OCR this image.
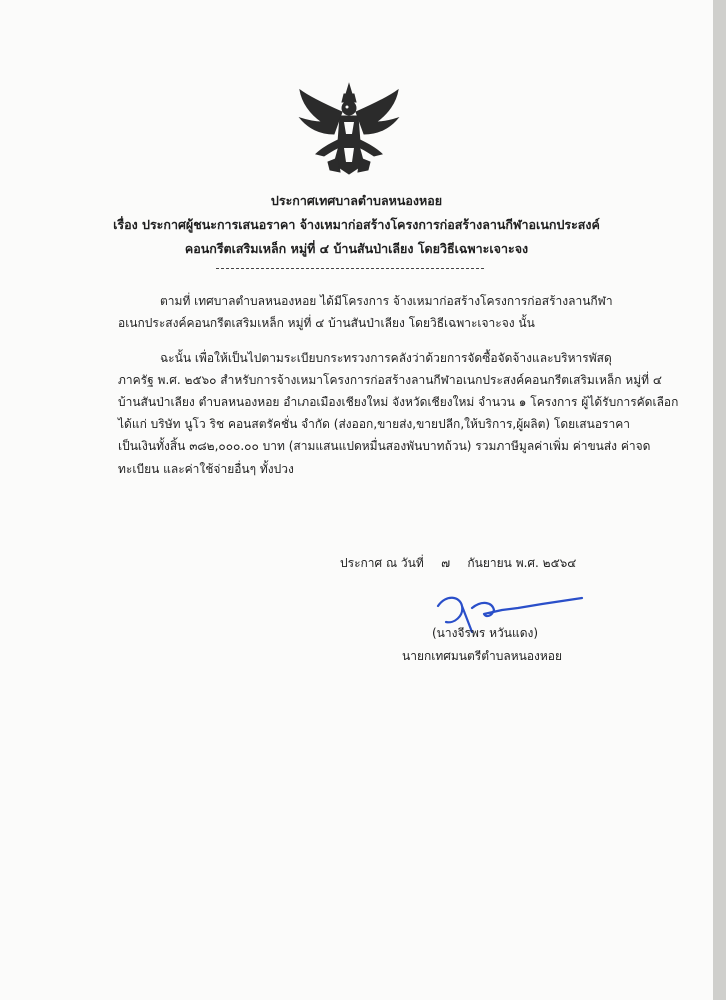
ประกาศเทศบาลตำบลหนองหอย
เรื่อง ประกาศผู้ชนะการเสนอราคา จ้างเหมาก่อสร้างโครงการก่อสร้างลานกีฬาอเนกประสงค์
คอนกรีตเสริมเหล็ก หมู่ที่ ๔ บ้านสันป่าเลียง โดยวิธีเฉพาะเจาะจง
ตามที่ เทศบาลตำบลหนองหอย ได้มีโครงการ จ้างเหมาก่อสร้างโครงการก่อสร้างลานกีฬา
อเนกประสงค์คอนกรีตเสริมเหล็ก หมู่ที่ ๔ บ้านสันป่าเลียง โดยวิธีเฉพาะเจาะจง นั้น
ฉะนั้น เพื่อให้เป็นไปตามระเบียบกระทรวงการคลังว่าด้วยการจัดซื้อจัดจ้างและบริหารพัสดุ
ภาครัฐ พ.ศ. ๒๕๖๐ สำหรับการจ้างเหมาโครงการก่อสร้างลานกีฬาอเนกประสงค์คอนกรีตเสริมเหล็ก หมู่ที่ ๔
บ้านสันป่าเลียง ตำบลหนองหอย อำเภอเมืองเชียงใหม่ จังหวัดเชียงใหม่ จำนวน ๑ โครงการ ผู้ได้รับการคัดเลือก
ได้แก่ บริษัท นูโว ริช คอนสตรัคชั่น จำกัด (ส่งออก,ขายส่ง,ขายปลีก,ให้บริการ,ผู้ผลิต) โดยเสนอราคา
เป็นเงินทั้งสิ้น ๓๘๒,๐๐๐.๐๐ บาท (สามแสนแปดหมื่นสองพันบาทถ้วน) รวมภาษีมูลค่าเพิ่ม ค่าขนส่ง ค่าจด
ทะเบียน และค่าใช้จ่ายอื่นๆ ทั้งปวง
ประกาศ ณ วันที่ ๗ กันยายน พ.ศ. ๒๕๖๔
(นางจีรพร หวันแดง)
นายกเทศมนตรีตำบลหนองหอย
